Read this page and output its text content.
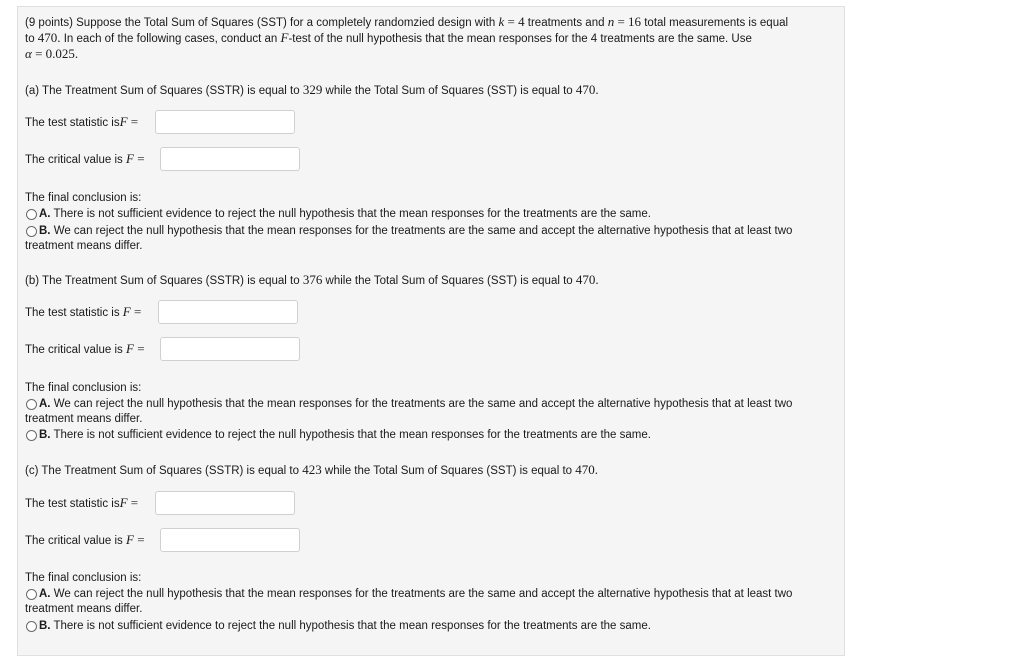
(9 points) Suppose the Total Sum of Squares (SST) for a completely randomzied design with k = 4 treatments and n = 16 total measurements is equal
to 470. In each of the following cases, conduct an F-test of the null hypothesis that the mean responses for the 4 treatments are the same. Use
α = 0.025.
(a) The Treatment Sum of Squares (SSTR) is equal to 329 while the Total Sum of Squares (SST) is equal to 470.
The test statistic isF =
The critical value is F =
The final conclusion is:
A. There is not sufficient evidence to reject the null hypothesis that the mean responses for the treatments are the same.
B. We can reject the null hypothesis that the mean responses for the treatments are the same and accept the alternative hypothesis that at least two
treatment means differ.
(b) The Treatment Sum of Squares (SSTR) is equal to 376 while the Total Sum of Squares (SST) is equal to 470.
The test statistic is F =
The critical value is F =
The final conclusion is:
A. We can reject the null hypothesis that the mean responses for the treatments are the same and accept the alternative hypothesis that at least two
treatment means differ.
B. There is not sufficient evidence to reject the null hypothesis that the mean responses for the treatments are the same.
(c) The Treatment Sum of Squares (SSTR) is equal to 423 while the Total Sum of Squares (SST) is equal to 470.
The test statistic isF =
The critical value is F =
The final conclusion is:
A. We can reject the null hypothesis that the mean responses for the treatments are the same and accept the alternative hypothesis that at least two
treatment means differ.
B. There is not sufficient evidence to reject the null hypothesis that the mean responses for the treatments are the same.
